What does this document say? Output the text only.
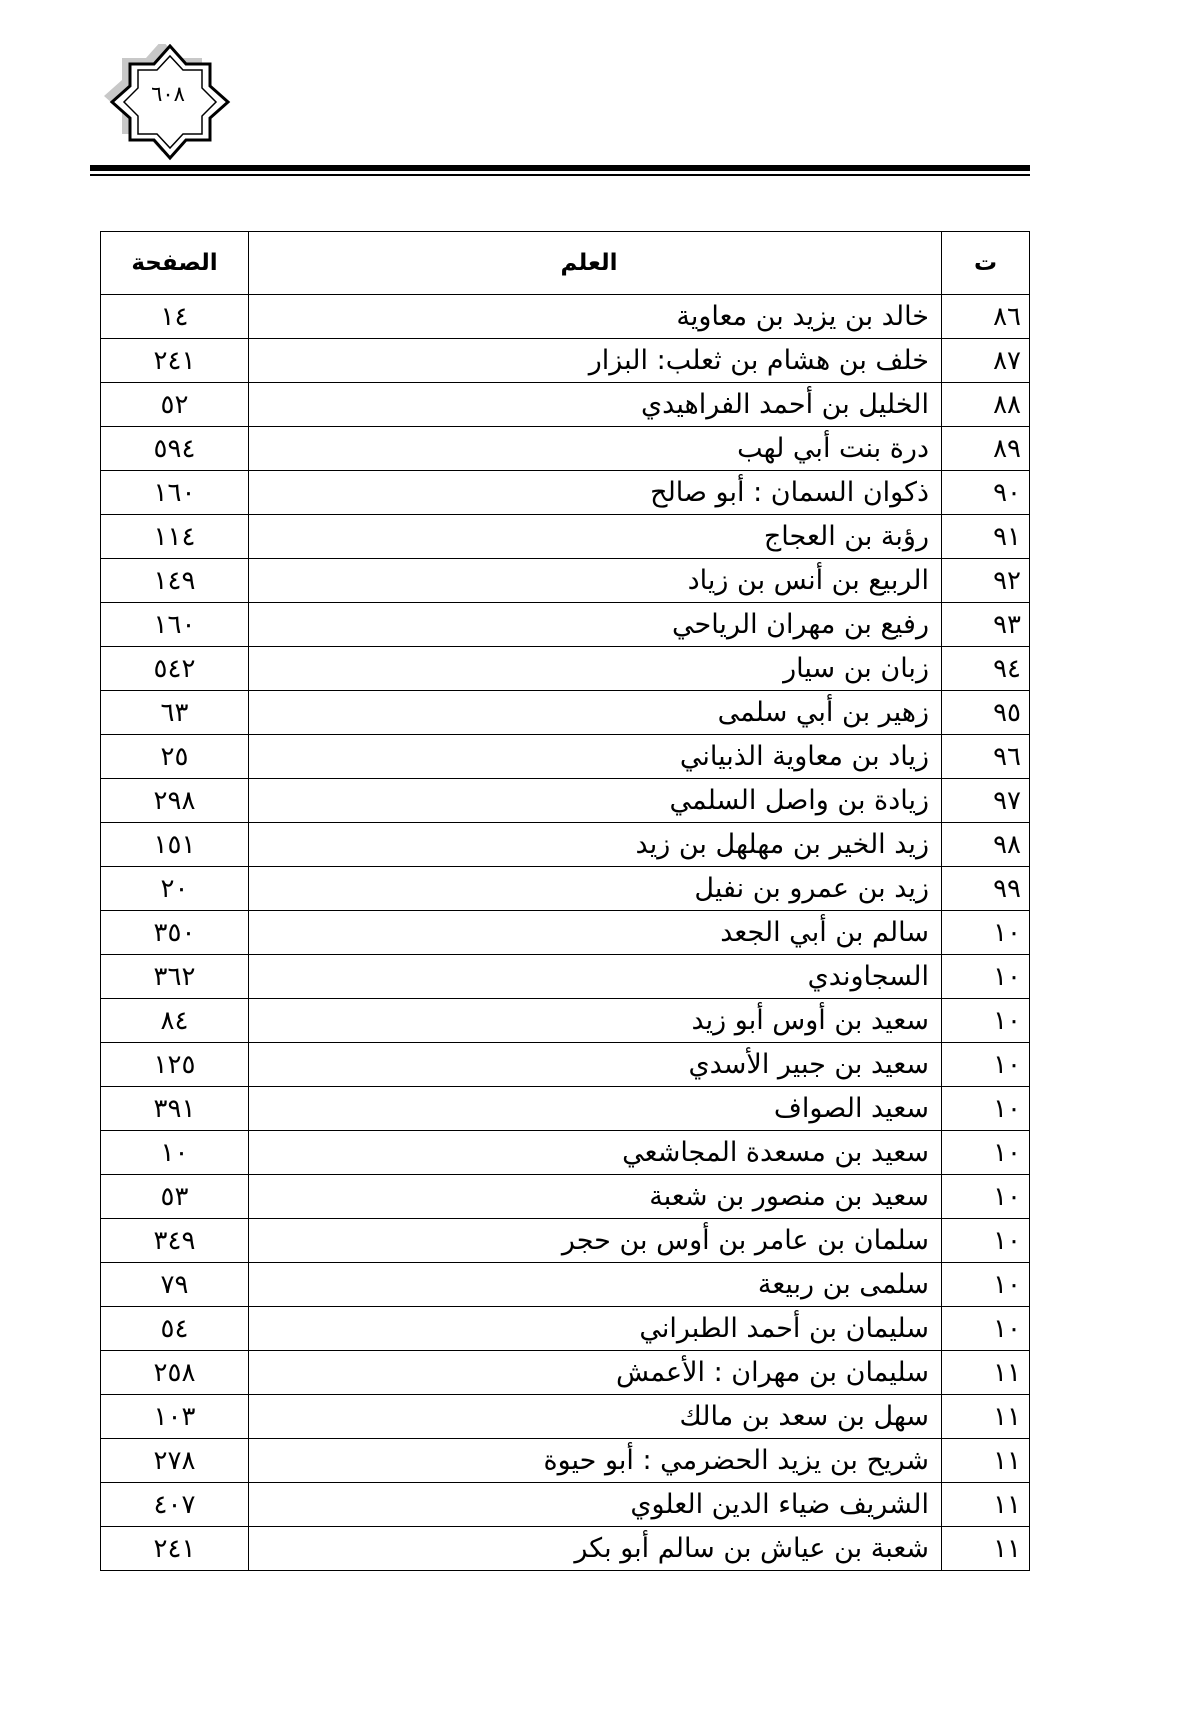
٦٠٨
ت	العلم	الصفحة
٨٦	خالد بن يزيد بن معاوية	١٤
٨٧	خلف بن هشام بن ثعلب: البزار	٢٤١
٨٨	الخليل بن أحمد الفراهيدي	٥٢
٨٩	درة بنت أبي لهب	٥٩٤
٩٠	ذكوان السمان : أبو صالح	١٦٠
٩١	رؤبة بن العجاج	١١٤
٩٢	الربيع بن أنس بن زياد	١٤٩
٩٣	رفيع بن مهران الرياحي	١٦٠
٩٤	زبان بن سيار	٥٤٢
٩٥	زهير بن أبي سلمى	٦٣
٩٦	زياد بن معاوية الذبياني	٢٥
٩٧	زيادة بن واصل السلمي	٢٩٨
٩٨	زيد الخير بن مهلهل بن زيد	١٥١
٩٩	زيد بن عمرو بن نفيل	٢٠
١٠	سالم بن أبي الجعد	٣٥٠
١٠	السجاوندي	٣٦٢
١٠	سعيد بن أوس أبو زيد	٨٤
١٠	سعيد بن جبير الأسدي	١٢٥
١٠	سعيد الصواف	٣٩١
١٠	سعيد بن مسعدة المجاشعي	١٠
١٠	سعيد بن منصور بن شعبة	٥٣
١٠	سلمان بن عامر بن أوس بن حجر	٣٤٩
١٠	سلمى بن ربيعة	٧٩
١٠	سليمان بن أحمد الطبراني	٥٤
١١	سليمان بن مهران : الأعمش	٢٥٨
١١	سهل بن سعد بن مالك	١٠٣
١١	شريح بن يزيد الحضرمي : أبو حيوة	٢٧٨
١١	الشريف ضياء الدين العلوي	٤٠٧
١١	شعبة بن عياش بن سالم أبو بكر	٢٤١
